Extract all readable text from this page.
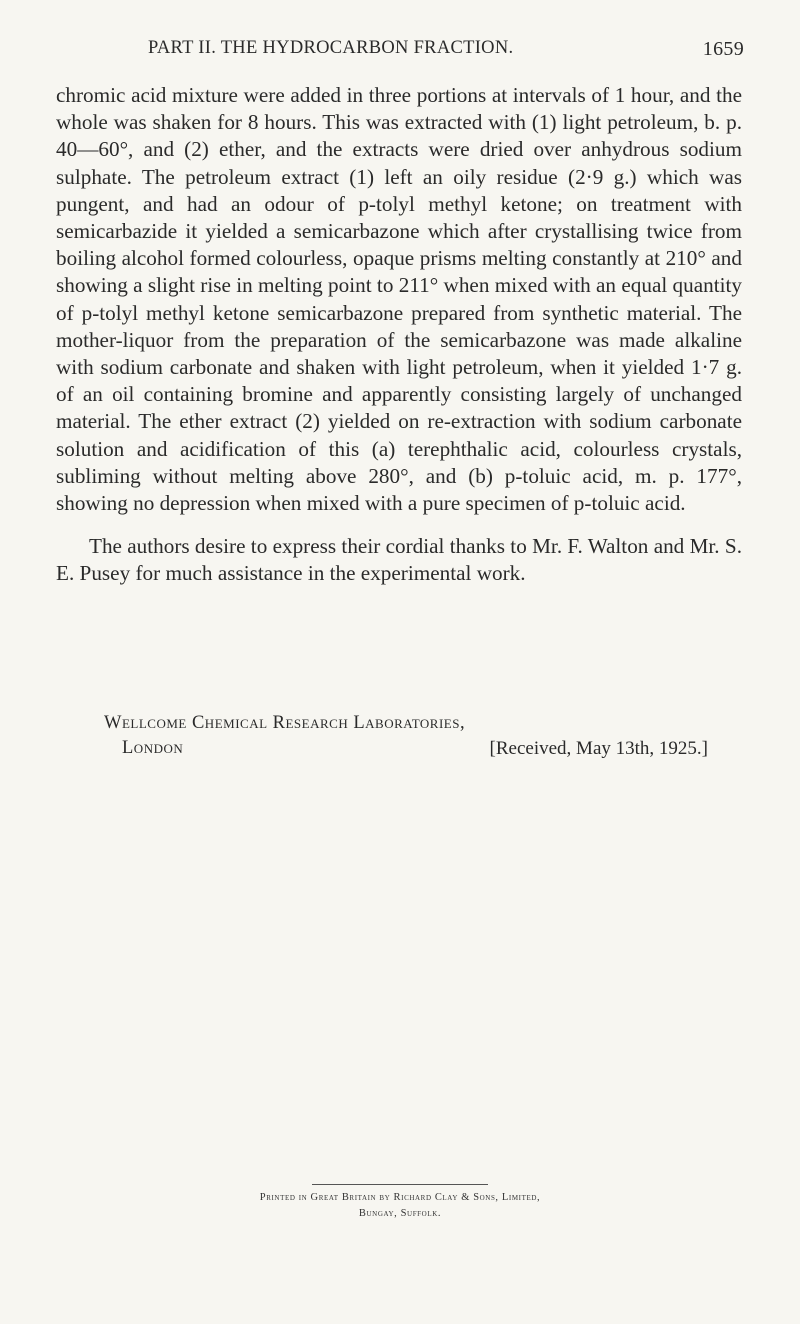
PART II. THE HYDROCARBON FRACTION.	1659

chromic acid mixture were added in three portions at intervals of 1 hour, and the whole was shaken for 8 hours. This was extracted with (1) light petroleum, b. p. 40—60°, and (2) ether, and the extracts were dried over anhydrous sodium sulphate. The petroleum extract (1) left an oily residue (2·9 g.) which was pungent, and had an odour of p-tolyl methyl ketone; on treatment with semicarbazide it yielded a semicarbazone which after crystallising twice from boiling alcohol formed colourless, opaque prisms melting constantly at 210° and showing a slight rise in melting point to 211° when mixed with an equal quantity of p-tolyl methyl ketone semicarbazone prepared from synthetic material. The mother-liquor from the preparation of the semicarbazone was made alkaline with sodium carbonate and shaken with light petroleum, when it yielded 1·7 g. of an oil containing bromine and apparently consisting largely of unchanged material. The ether extract (2) yielded on re-extraction with sodium carbonate solution and acidification of this (a) terephthalic acid, colourless crystals, subliming without melting above 280°, and (b) p-toluic acid, m. p. 177°, showing no depression when mixed with a pure specimen of p-toluic acid.

The authors desire to express their cordial thanks to Mr. F. Walton and Mr. S. E. Pusey for much assistance in the experimental work.

Wellcome Chemical Research Laboratories,
London	[Received, May 13th, 1925.]
Printed in Great Britain by Richard Clay & Sons, Limited,
Bungay, Suffolk.
